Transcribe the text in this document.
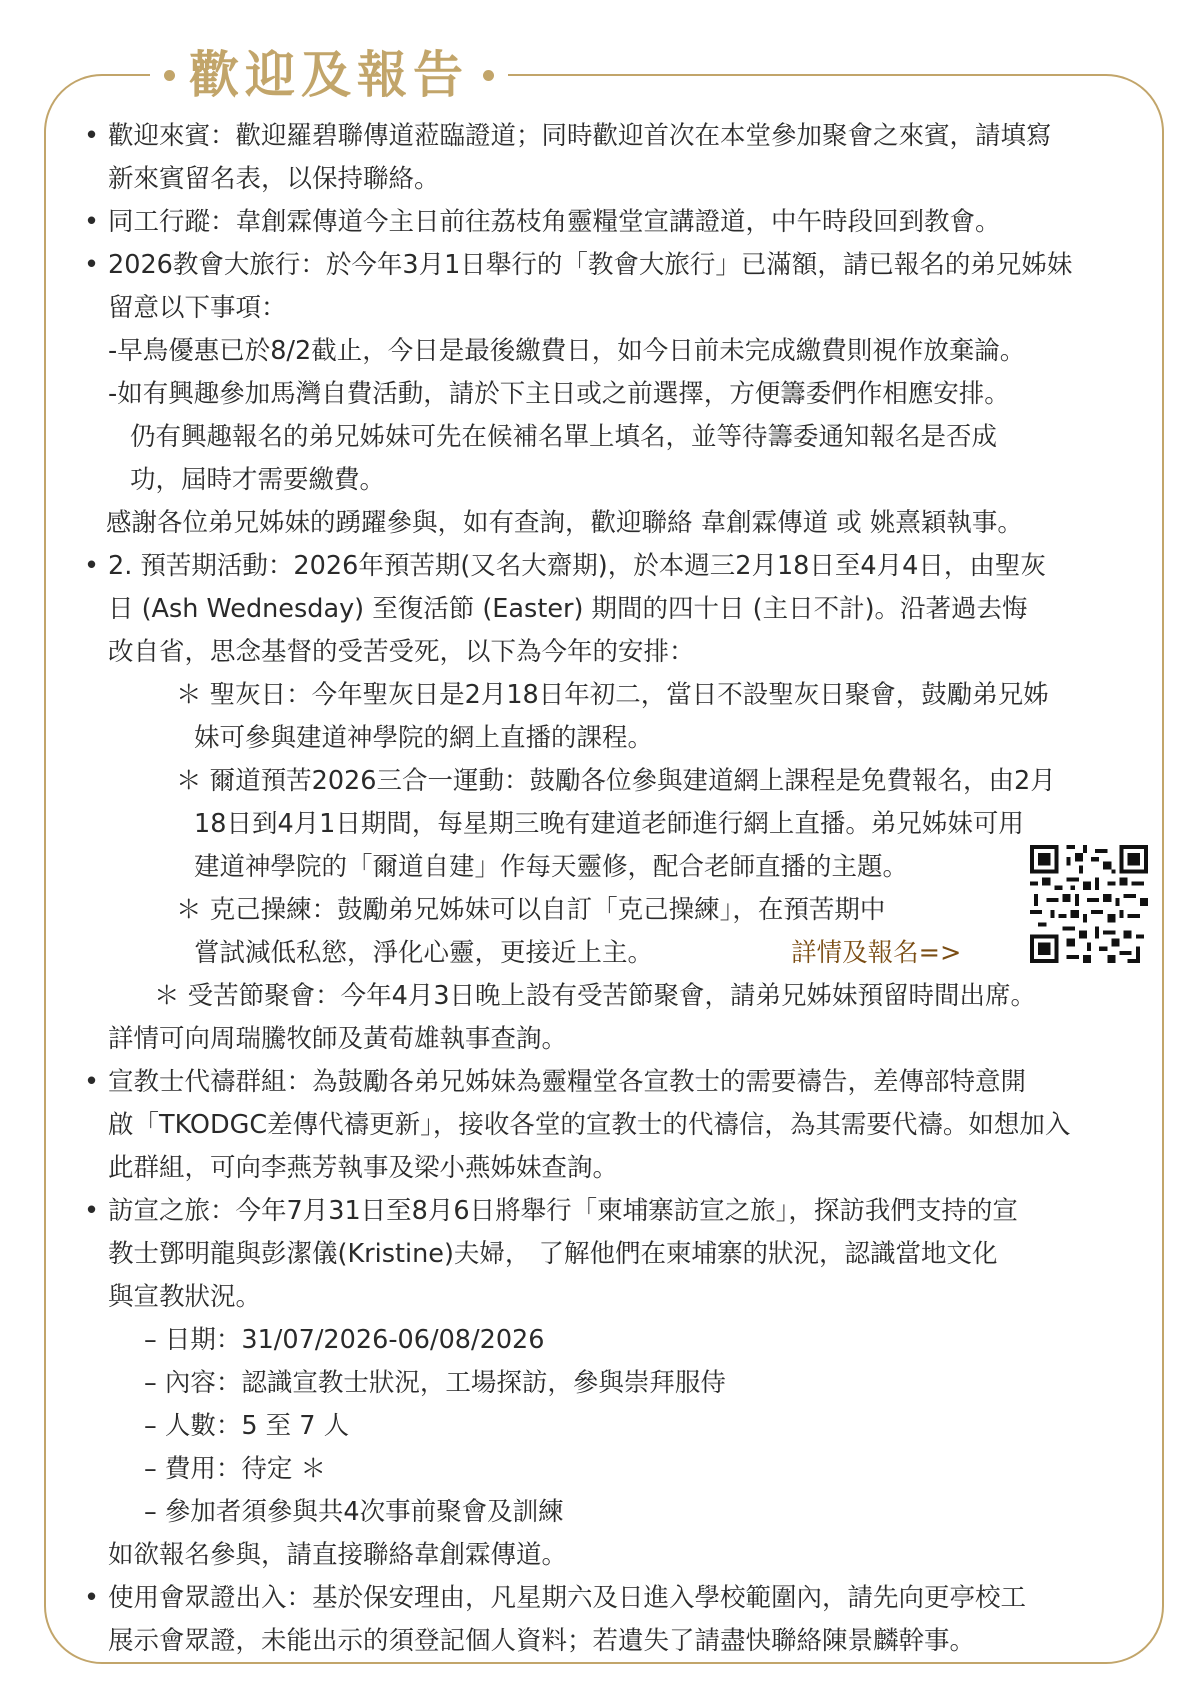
歡迎及報告
• 歡迎來賓：歡迎羅碧聯傳道蒞臨證道；同時歡迎首次在本堂參加聚會之來賓，請填寫
新來賓留名表，以保持聯絡。
• 同工行蹤：韋創霖傳道今主日前往荔枝角靈糧堂宣講證道，中午時段回到教會。
• 2026教會大旅行：於今年3月1日舉行的「教會大旅行」已滿額，請已報名的弟兄姊妹
留意以下事項：
-早鳥優惠已於8/2截止，今日是最後繳費日，如今日前未完成繳費則視作放棄論。
-如有興趣參加馬灣自費活動，請於下主日或之前選擇，方便籌委們作相應安排。
仍有興趣報名的弟兄姊妹可先在候補名單上填名，並等待籌委通知報名是否成
功，屆時才需要繳費。
感謝各位弟兄姊妹的踴躍參與，如有查詢，歡迎聯絡 韋創霖傳道 或 姚熹穎執事。
• 2. 預苦期活動：2026年預苦期(又名大齋期)，於本週三2月18日至4月4日，由聖灰
日 (Ash Wednesday) 至復活節 (Easter) 期間的四十日 (主日不計)。沿著過去悔
改自省，思念基督的受苦受死，以下為今年的安排：
＊ 聖灰日：今年聖灰日是2月18日年初二，當日不設聖灰日聚會，鼓勵弟兄姊
妹可參與建道神學院的網上直播的課程。
＊ 爾道預苦2026三合一運動：鼓勵各位參與建道網上課程是免費報名，由2月
18日到4月1日期間，每星期三晚有建道老師進行網上直播。弟兄姊妹可用
建道神學院的「爾道自建」作每天靈修，配合老師直播的主題。
＊ 克己操練：鼓勵弟兄姊妹可以自訂「克己操練」，在預苦期中
嘗試減低私慾，淨化心靈，更接近上主。	詳情及報名=>
＊ 受苦節聚會：今年4月3日晚上設有受苦節聚會，請弟兄姊妹預留時間出席。
詳情可向周瑞騰牧師及黃荀雄執事查詢。
• 宣教士代禱群組：為鼓勵各弟兄姊妹為靈糧堂各宣教士的需要禱告，差傳部特意開
啟「TKODGC差傳代禱更新」，接收各堂的宣教士的代禱信，為其需要代禱。如想加入
此群組，可向李燕芳執事及梁小燕姊妹查詢。
• 訪宣之旅：今年7月31日至8月6日將舉行「柬埔寨訪宣之旅」，探訪我們支持的宣
教士鄧明龍與彭潔儀(Kristine)夫婦， 了解他們在柬埔寨的狀況，認識當地文化
與宣教狀況。
– 日期：31/07/2026-06/08/2026
– 內容：認識宣教士狀況，工場探訪，參與崇拜服侍
– 人數：5 至 7 人
– 費用：待定 ＊
– 參加者須參與共4次事前聚會及訓練
如欲報名參與，請直接聯絡韋創霖傳道。
• 使用會眾證出入：基於保安理由，凡星期六及日進入學校範圍內，請先向更亭校工
展示會眾證，未能出示的須登記個人資料；若遺失了請盡快聯絡陳景麟幹事。
